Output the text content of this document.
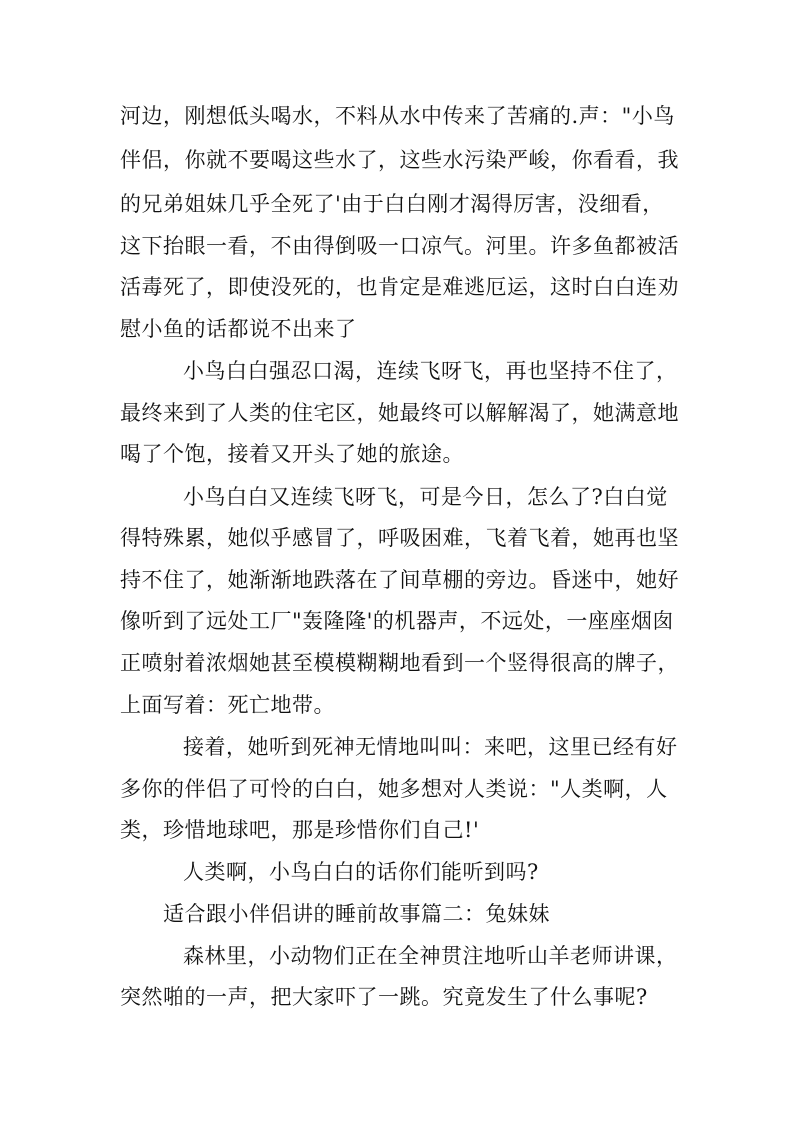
河边，刚想低头喝水，不料从水中传来了苦痛的.声："小鸟
伴侣，你就不要喝这些水了，这些水污染严峻，你看看，我
的兄弟姐妹几乎全死了'由于白白刚才渴得厉害，没细看，
这下抬眼一看，不由得倒吸一口凉气。河里。许多鱼都被活
活毒死了，即使没死的，也肯定是难逃厄运，这时白白连劝
慰小鱼的话都说不出来了
小鸟白白强忍口渴，连续飞呀飞，再也坚持不住了，
最终来到了人类的住宅区，她最终可以解解渴了，她满意地
喝了个饱，接着又开头了她的旅途。
小鸟白白又连续飞呀飞，可是今日，怎么了?白白觉
得特殊累，她似乎感冒了，呼吸困难，飞着飞着，她再也坚
持不住了，她渐渐地跌落在了间草棚的旁边。昏迷中，她好
像听到了远处工厂"轰隆隆'的机器声，不远处，一座座烟囱
正喷射着浓烟她甚至模模糊糊地看到一个竖得很高的牌子，
上面写着：死亡地带。
接着，她听到死神无情地叫叫：来吧，这里已经有好
多你的伴侣了可怜的白白，她多想对人类说："人类啊，人
类，珍惜地球吧，那是珍惜你们自己!'
人类啊，小鸟白白的话你们能听到吗?
适合跟小伴侣讲的睡前故事篇二：兔妹妹
森林里，小动物们正在全神贯注地听山羊老师讲课，
突然啪的一声，把大家吓了一跳。究竟发生了什么事呢?
